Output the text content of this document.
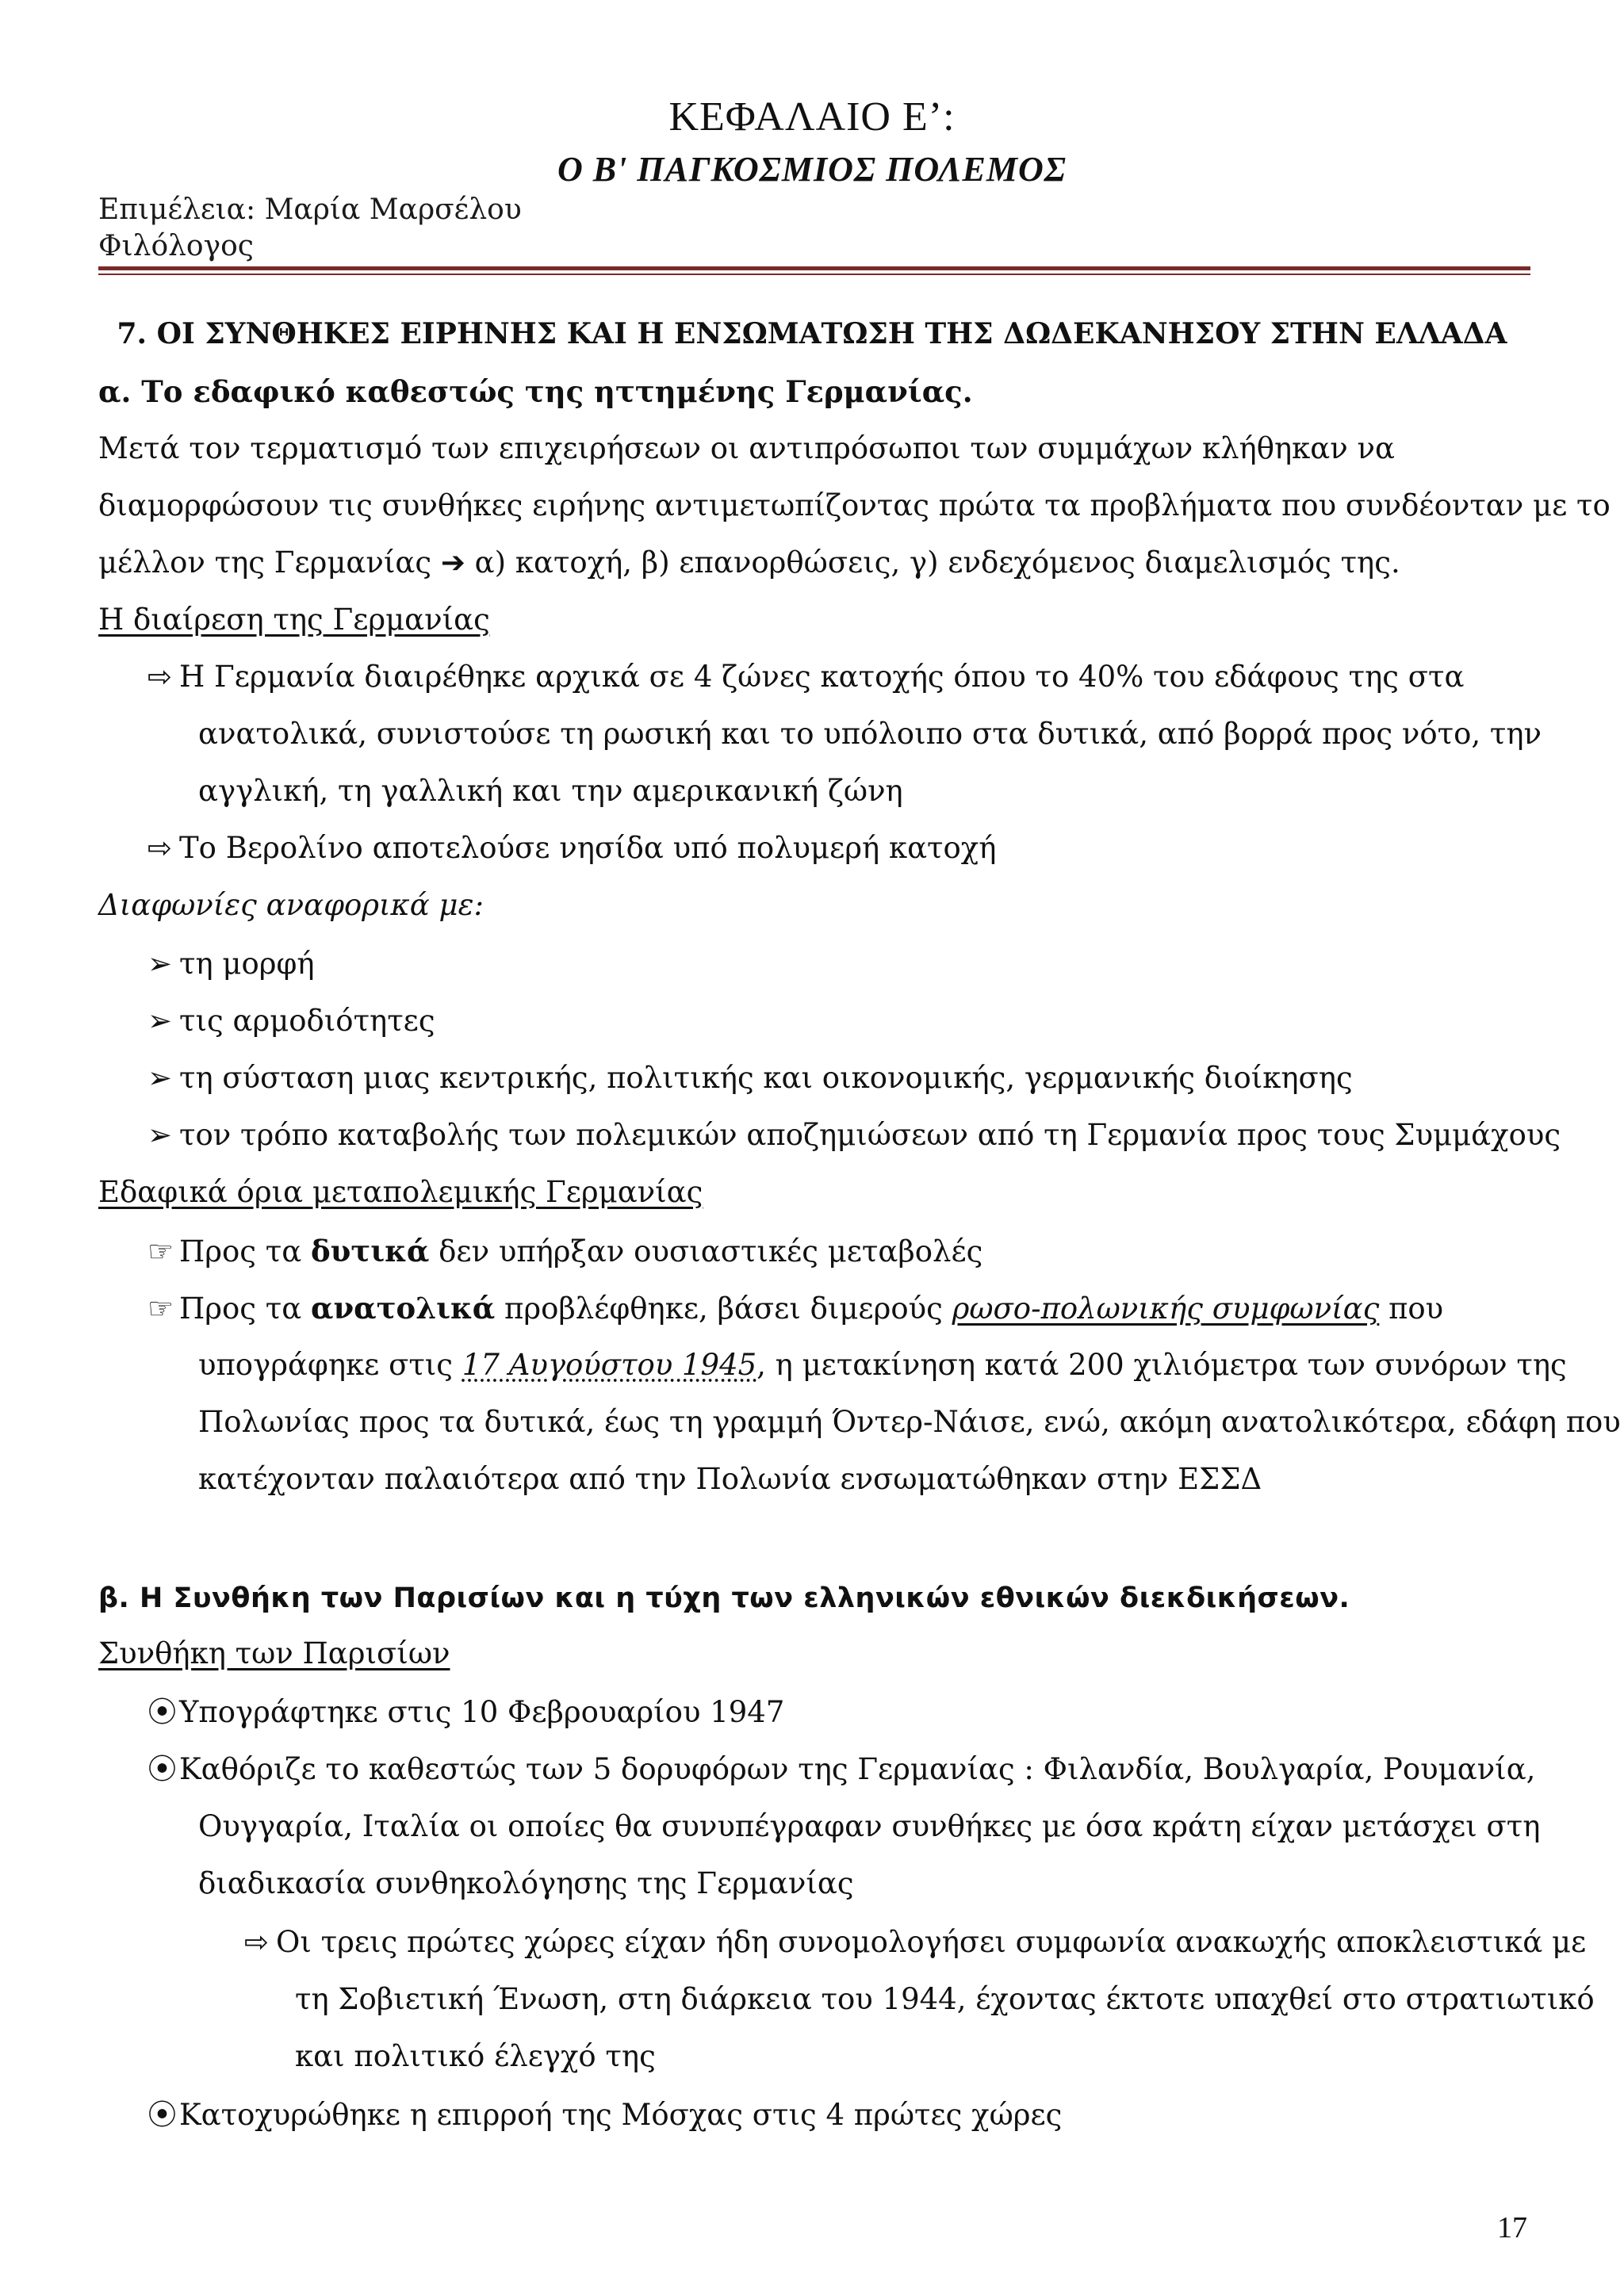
ΚΕΦΑΛΑΙΟ Ε’:
Ο Β' ΠΑΓΚΟΣΜΙΟΣ ΠΟΛΕΜΟΣ
Επιμέλεια: Μαρία Μαρσέλου
Φιλόλογος
7. ΟΙ ΣΥΝΘΗΚΕΣ ΕΙΡΗΝΗΣ ΚΑΙ Η ΕΝΣΩΜΑΤΩΣΗ ΤΗΣ ΔΩΔΕΚΑΝΗΣΟΥ ΣΤΗΝ ΕΛΛΑΔΑ
α. Το εδαφικό καθεστώς της ηττημένης Γερμανίας.
Μετά τον τερματισμό των επιχειρήσεων οι αντιπρόσωποι των συμμάχων κλήθηκαν να
διαμορφώσουν τις συνθήκες ειρήνης αντιμετωπίζοντας πρώτα τα προβλήματα που συνδέονταν με το
μέλλον της Γερμανίας ➔ α) κατοχή, β) επανορθώσεις, γ) ενδεχόμενος διαμελισμός της.
Η διαίρεση της Γερμανίας
⇨ Η Γερμανία διαιρέθηκε αρχικά σε 4 ζώνες κατοχής όπου το 40% του εδάφους της στα
ανατολικά, συνιστούσε τη ρωσική και το υπόλοιπο στα δυτικά, από βορρά προς νότο, την
αγγλική, τη γαλλική και την αμερικανική ζώνη
⇨ Το Βερολίνο αποτελούσε νησίδα υπό πολυμερή κατοχή
Διαφωνίες αναφορικά με:
➢ τη μορφή
➢ τις αρμοδιότητες
➢ τη σύσταση μιας κεντρικής, πολιτικής και οικονομικής, γερμανικής διοίκησης
➢ τον τρόπο καταβολής των πολεμικών αποζημιώσεων από τη Γερμανία προς τους Συμμάχους
Εδαφικά όρια μεταπολεμικής Γερμανίας
☞ Προς τα δυτικά δεν υπήρξαν ουσιαστικές μεταβολές
☞ Προς τα ανατολικά προβλέφθηκε, βάσει διμερούς ρωσο-πολωνικής συμφωνίας που
υπογράφηκε στις 17 Αυγούστου 1945, η μετακίνηση κατά 200 χιλιόμετρα των συνόρων της
Πολωνίας προς τα δυτικά, έως τη γραμμή Όντερ-Νάισε, ενώ, ακόμη ανατολικότερα, εδάφη που
κατέχονταν παλαιότερα από την Πολωνία ενσωματώθηκαν στην ΕΣΣΔ
β. Η Συνθήκη των Παρισίων και η τύχη των ελληνικών εθνικών διεκδικήσεων.
Συνθήκη των Παρισίων
⦿Υπογράφτηκε στις 10 Φεβρουαρίου 1947
⦿Καθόριζε το καθεστώς των 5 δορυφόρων της Γερμανίας : Φιλανδία, Βουλγαρία, Ρουμανία,
Ουγγαρία, Ιταλία οι οποίες θα συνυπέγραφαν συνθήκες με όσα κράτη είχαν μετάσχει στη
διαδικασία συνθηκολόγησης της Γερμανίας
⇨ Οι τρεις πρώτες χώρες είχαν ήδη συνομολογήσει συμφωνία ανακωχής αποκλειστικά με
τη Σοβιετική Ένωση, στη διάρκεια του 1944, έχοντας έκτοτε υπαχθεί στο στρατιωτικό
και πολιτικό έλεγχό της
⦿Κατοχυρώθηκε η επιρροή της Μόσχας στις 4 πρώτες χώρες
17
